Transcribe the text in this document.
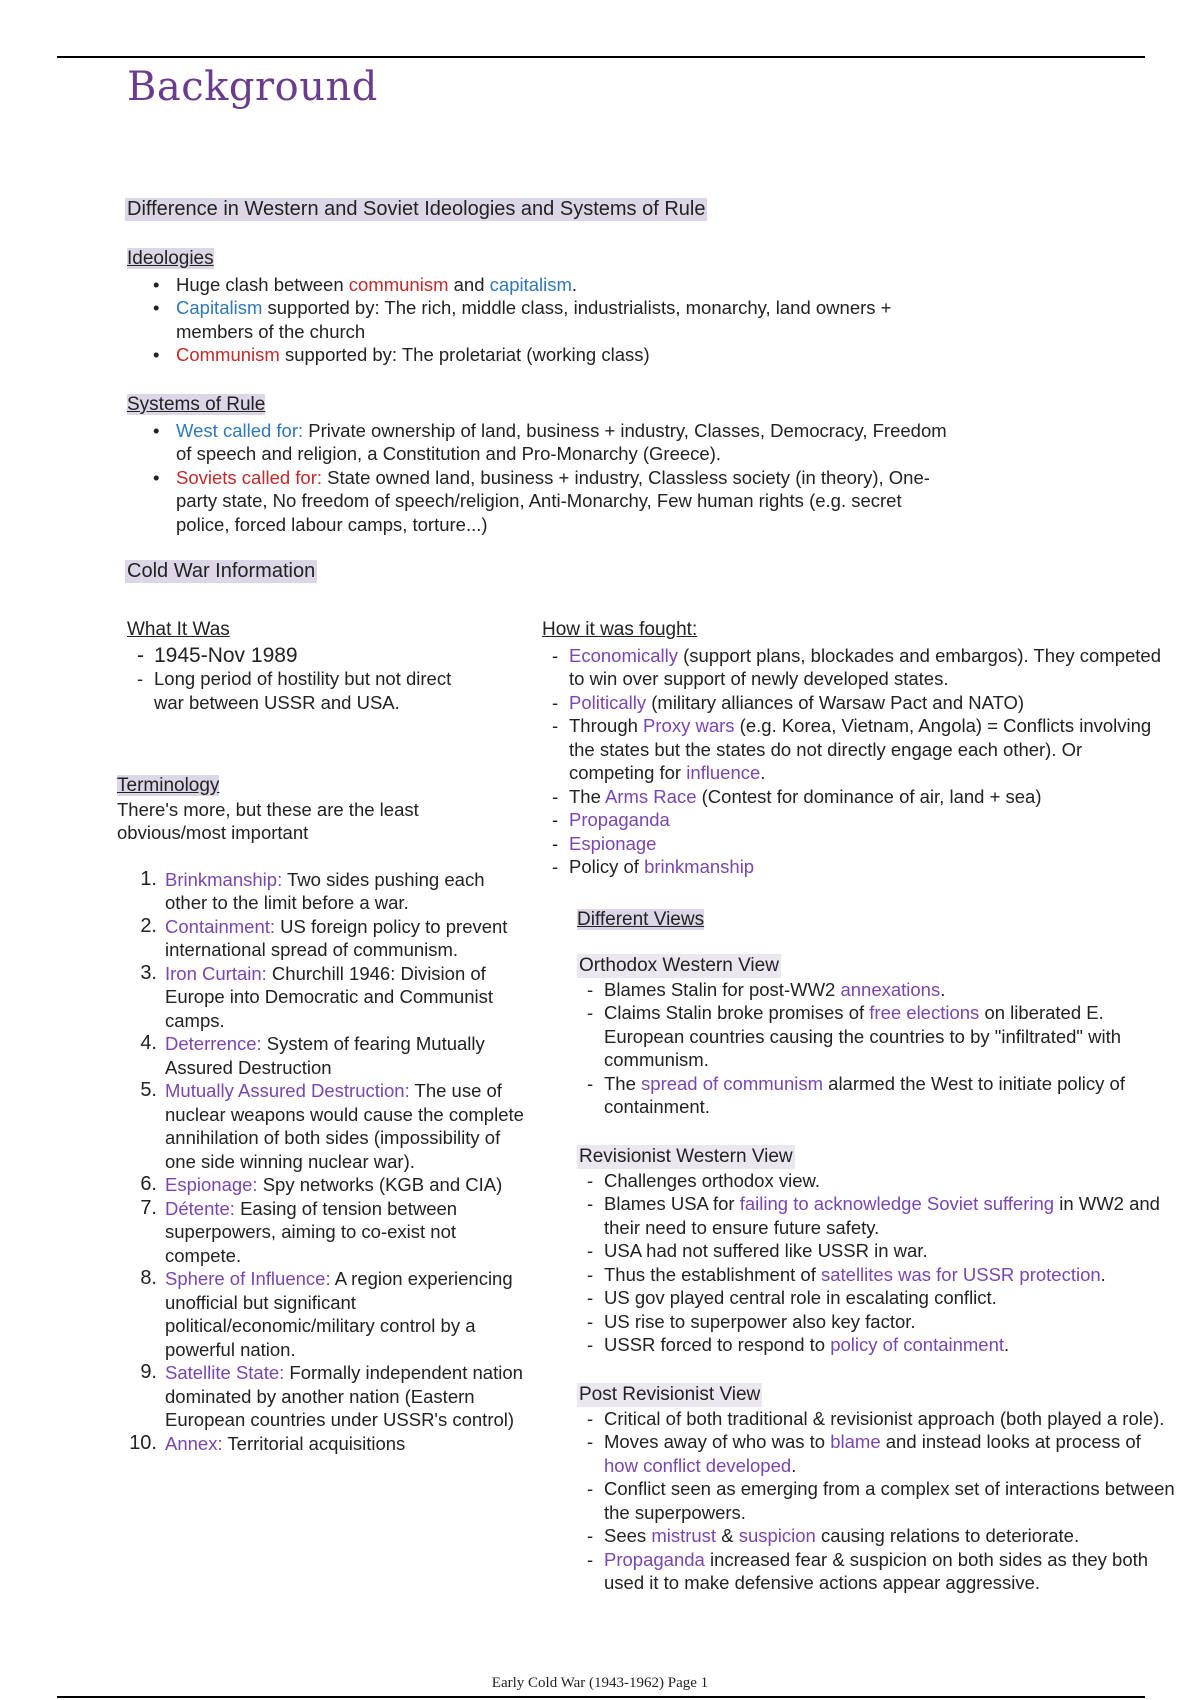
Background
Difference in Western and Soviet Ideologies and Systems of Rule
Ideologies
• Huge clash between communism and capitalism.
• Capitalism supported by: The rich, middle class, industrialists, monarchy, land owners + members of the church
• Communism supported by: The proletariat (working class)
Systems of Rule
• West called for: Private ownership of land, business + industry, Classes, Democracy, Freedom of speech and religion, a Constitution and Pro-Monarchy (Greece).
• Soviets called for: State owned land, business + industry, Classless society (in theory), One-party state, No freedom of speech/religion, Anti-Monarchy, Few human rights (e.g. secret police, forced labour camps, torture...)
Cold War Information
What It Was
- 1945-Nov 1989
- Long period of hostility but not direct war between USSR and USA.
Terminology
There's more, but these are the least obvious/most important
1. Brinkmanship: Two sides pushing each other to the limit before a war.
2. Containment: US foreign policy to prevent international spread of communism.
3. Iron Curtain: Churchill 1946: Division of Europe into Democratic and Communist camps.
4. Deterrence: System of fearing Mutually Assured Destruction
5. Mutually Assured Destruction: The use of nuclear weapons would cause the complete annihilation of both sides (impossibility of one side winning nuclear war).
6. Espionage: Spy networks (KGB and CIA)
7. Détente: Easing of tension between superpowers, aiming to co-exist not compete.
8. Sphere of Influence: A region experiencing unofficial but significant political/economic/military control by a powerful nation.
9. Satellite State: Formally independent nation dominated by another nation (Eastern European countries under USSR's control)
10. Annex: Territorial acquisitions
How it was fought:
- Economically (support plans, blockades and embargos). They competed to win over support of newly developed states.
- Politically (military alliances of Warsaw Pact and NATO)
- Through Proxy wars (e.g. Korea, Vietnam, Angola) = Conflicts involving the states but the states do not directly engage each other). Or competing for influence.
- The Arms Race (Contest for dominance of air, land + sea)
- Propaganda
- Espionage
- Policy of brinkmanship
Different Views
Orthodox Western View
- Blames Stalin for post-WW2 annexations.
- Claims Stalin broke promises of free elections on liberated E. European countries causing the countries to by "infiltrated" with communism.
- The spread of communism alarmed the West to initiate policy of containment.
Revisionist Western View
- Challenges orthodox view.
- Blames USA for failing to acknowledge Soviet suffering in WW2 and their need to ensure future safety.
- USA had not suffered like USSR in war.
- Thus the establishment of satellites was for USSR protection.
- US gov played central role in escalating conflict.
- US rise to superpower also key factor.
- USSR forced to respond to policy of containment.
Post Revisionist View
- Critical of both traditional & revisionist approach (both played a role).
- Moves away of who was to blame and instead looks at process of how conflict developed.
- Conflict seen as emerging from a complex set of interactions between the superpowers.
- Sees mistrust & suspicion causing relations to deteriorate.
- Propaganda increased fear & suspicion on both sides as they both used it to make defensive actions appear aggressive.
Early Cold War (1943-1962) Page 1
